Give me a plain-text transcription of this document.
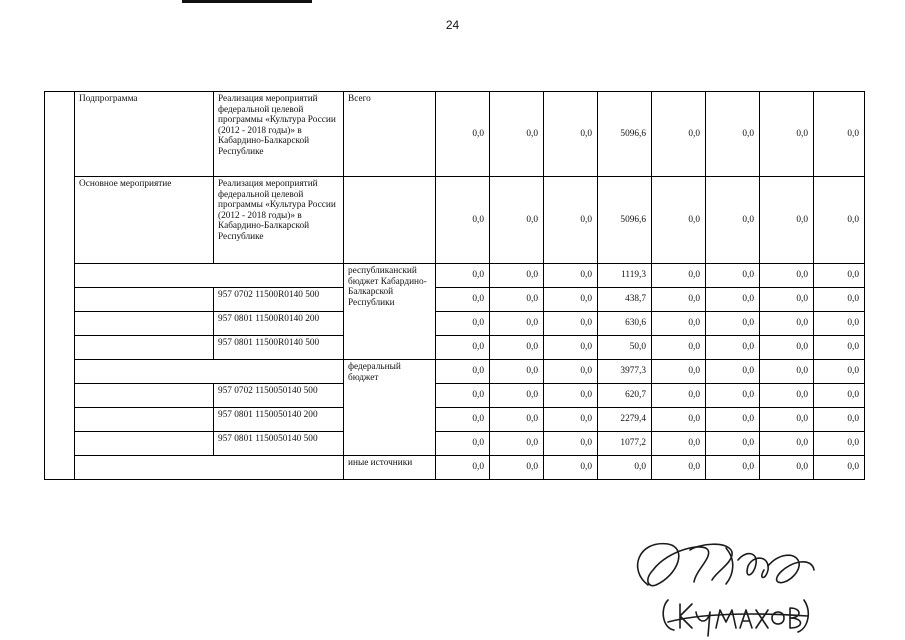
24
	Подпрограмма	Реализация мероприятий федеральной целевой программы «Культура России (2012 - 2018 годы)» в Кабардино-Балкарской Республике	Всего	0,0	0,0	0,0	5096,6	0,0	0,0	0,0	0,0
	Основное мероприятие	Реализация мероприятий федеральной целевой программы «Культура России (2012 - 2018 годы)» в Кабардино-Балкарской Республике		0,0	0,0	0,0	5096,6	0,0	0,0	0,0	0,0
			республиканский бюджет Кабардино-Балкарской Республики	0,0	0,0	0,0	1119,3	0,0	0,0	0,0	0,0
		957 0702 11500R0140 500		0,0	0,0	0,0	438,7	0,0	0,0	0,0	0,0
		957 0801 11500R0140 200		0,0	0,0	0,0	630,6	0,0	0,0	0,0	0,0
		957 0801 11500R0140 500		0,0	0,0	0,0	50,0	0,0	0,0	0,0	0,0
			федеральный бюджет	0,0	0,0	0,0	3977,3	0,0	0,0	0,0	0,0
		957 0702 1150050140 500		0,0	0,0	0,0	620,7	0,0	0,0	0,0	0,0
		957 0801 1150050140 200		0,0	0,0	0,0	2279,4	0,0	0,0	0,0	0,0
		957 0801 1150050140 500		0,0	0,0	0,0	1077,2	0,0	0,0	0,0	0,0
			иные источники	0,0	0,0	0,0	0,0	0,0	0,0	0,0	0,0
